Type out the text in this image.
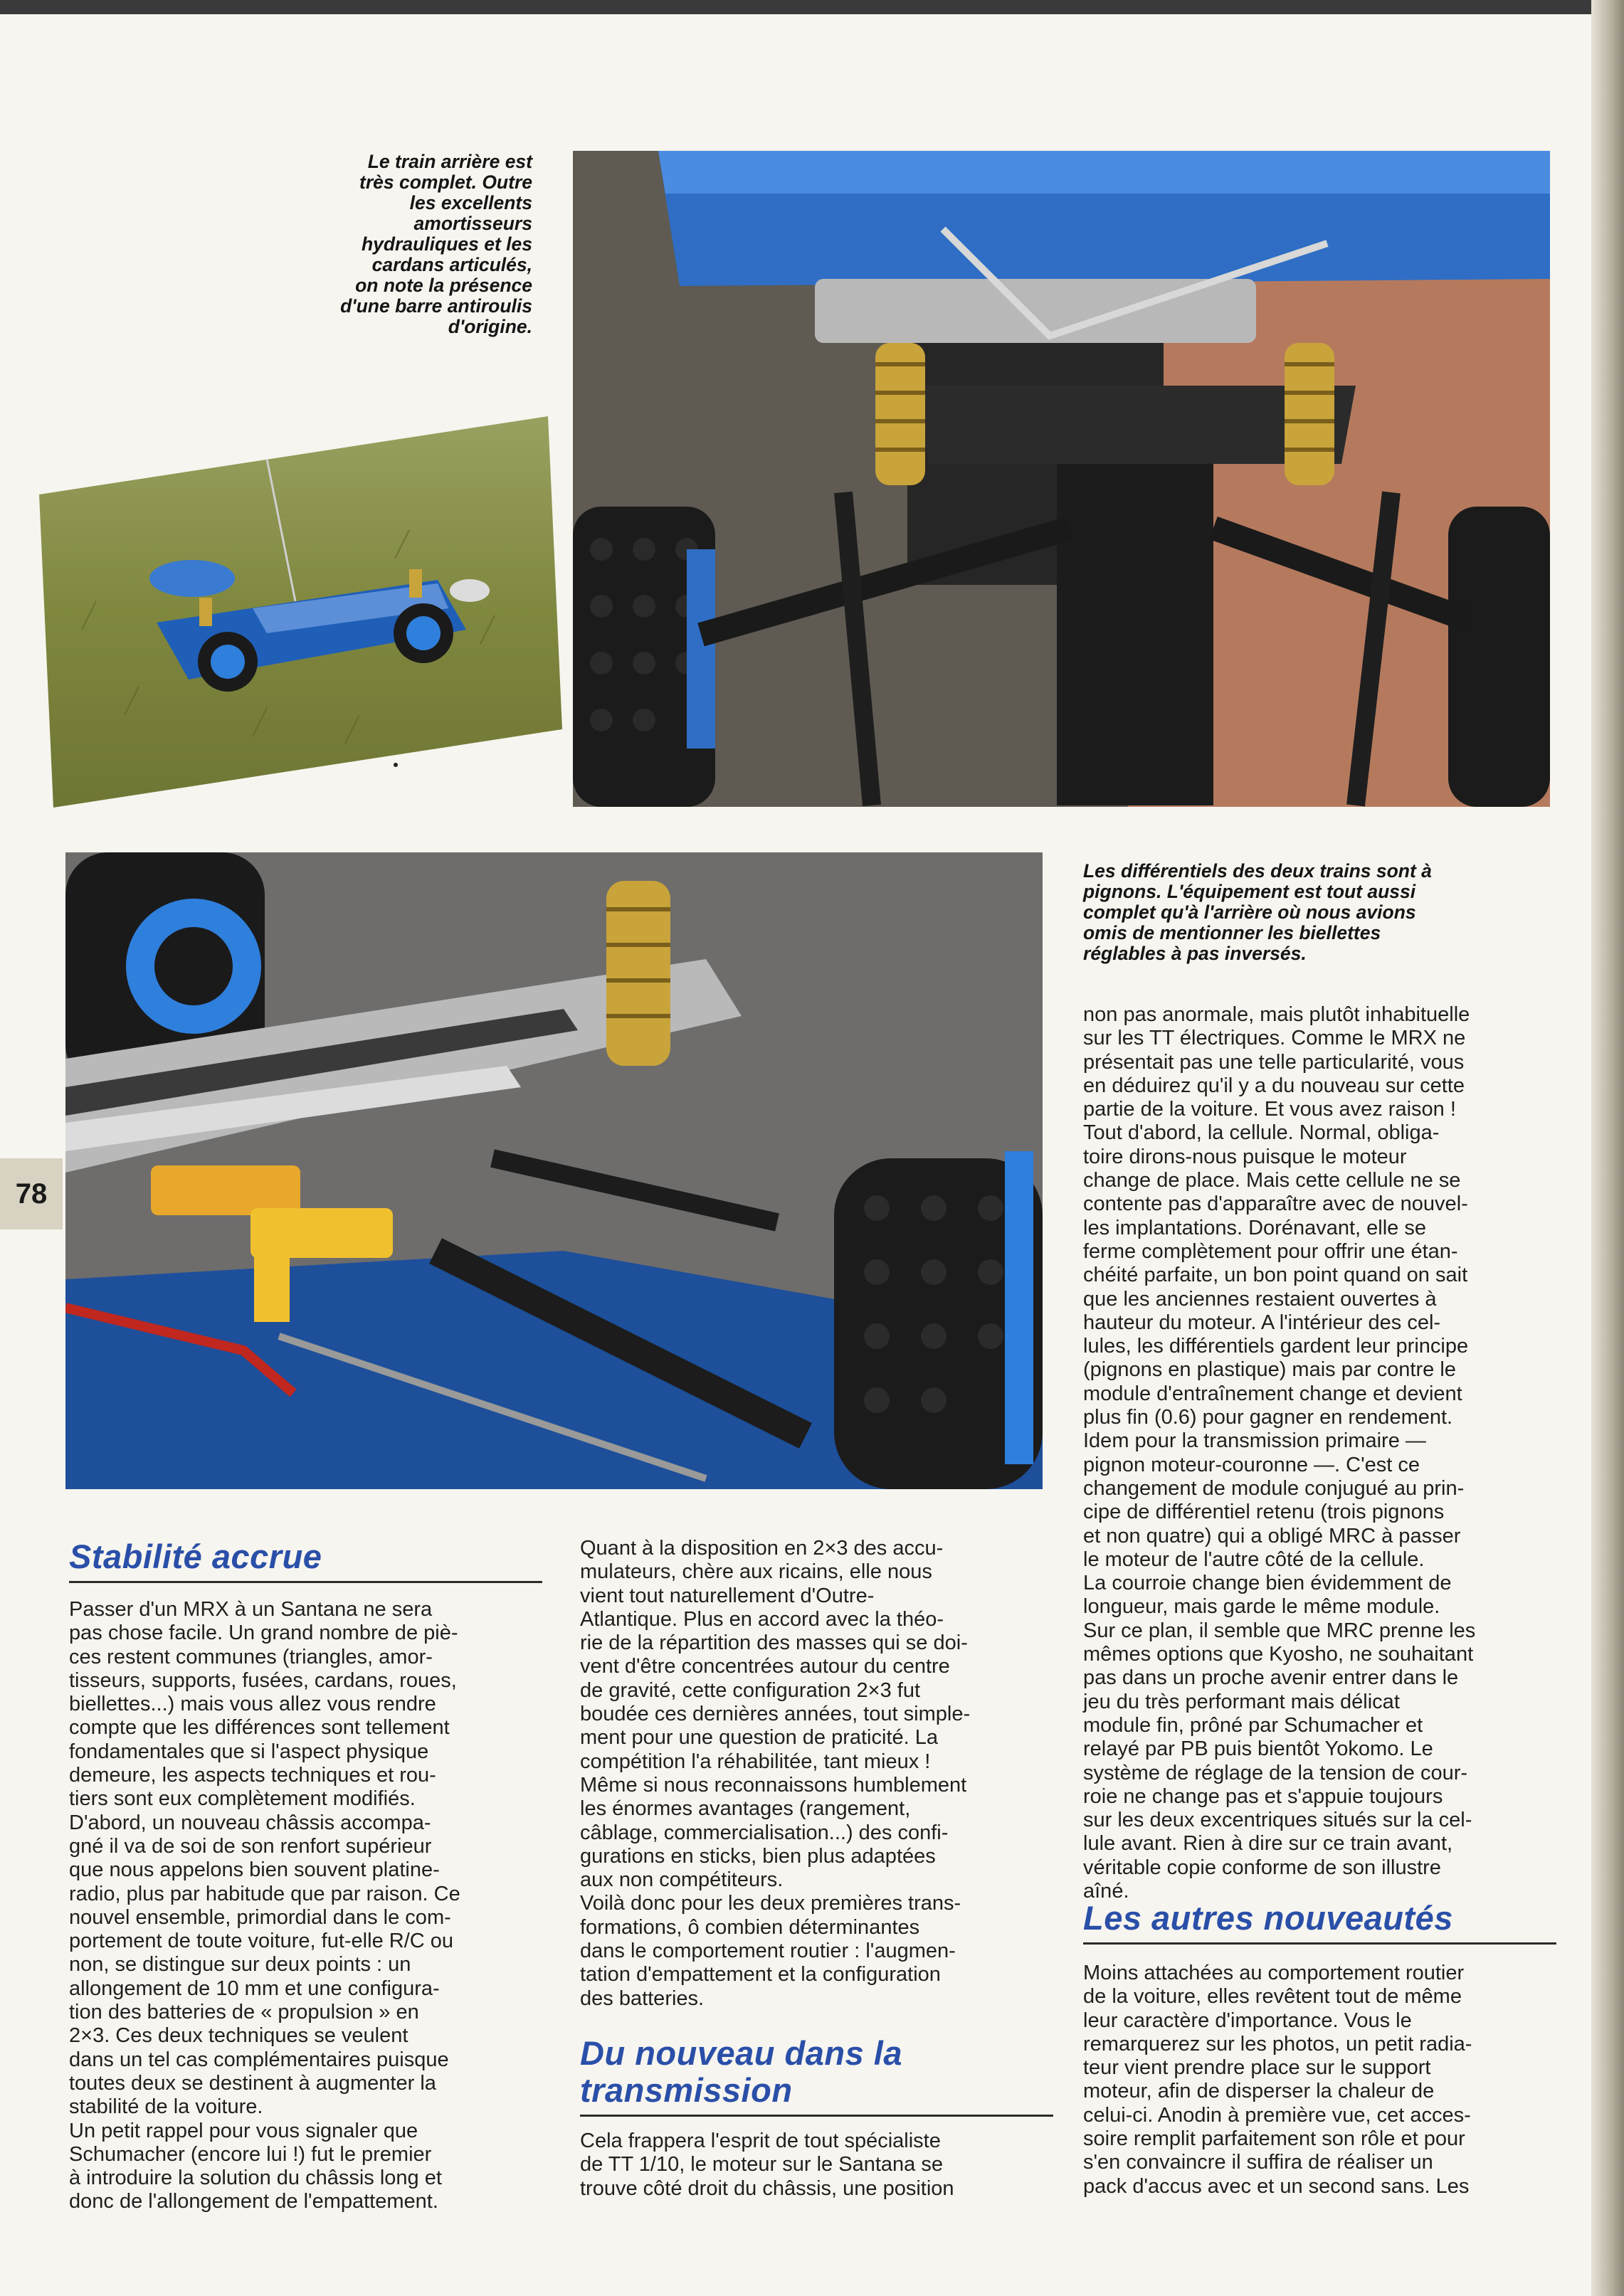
Le train arrière est
très complet. Outre
les excellents
amortisseurs
hydrauliques et les
cardans articulés,
on note la présence
d'une barre antiroulis
d'origine.
Les différentiels des deux trains sont à
pignons. L'équipement est tout aussi
complet qu'à l'arrière où nous avions
omis de mentionner les biellettes
réglables à pas inversés.
78
Stabilité accrue
Passer d'un MRX à un Santana ne sera
pas chose facile. Un grand nombre de piè-
ces restent communes (triangles, amor-
tisseurs, supports, fusées, cardans, roues,
biellettes...) mais vous allez vous rendre
compte que les différences sont tellement
fondamentales que si l'aspect physique
demeure, les aspects techniques et rou-
tiers sont eux complètement modifiés.
D'abord, un nouveau châssis accompa-
gné il va de soi de son renfort supérieur
que nous appelons bien souvent platine-
radio, plus par habitude que par raison. Ce
nouvel ensemble, primordial dans le com-
portement de toute voiture, fut-elle R/C ou
non, se distingue sur deux points : un
allongement de 10 mm et une configura-
tion des batteries de « propulsion » en
2×3. Ces deux techniques se veulent
dans un tel cas complémentaires puisque
toutes deux se destinent à augmenter la
stabilité de la voiture.
Un petit rappel pour vous signaler que
Schumacher (encore lui !) fut le premier
à introduire la solution du châssis long et
donc de l'allongement de l'empattement.
Quant à la disposition en 2×3 des accu-
mulateurs, chère aux ricains, elle nous
vient tout naturellement d'Outre-
Atlantique. Plus en accord avec la théo-
rie de la répartition des masses qui se doi-
vent d'être concentrées autour du centre
de gravité, cette configuration 2×3 fut
boudée ces dernières années, tout simple-
ment pour une question de praticité. La
compétition l'a réhabilitée, tant mieux !
Même si nous reconnaissons humblement
les énormes avantages (rangement,
câblage, commercialisation...) des confi-
gurations en sticks, bien plus adaptées
aux non compétiteurs.
Voilà donc pour les deux premières trans-
formations, ô combien déterminantes
dans le comportement routier : l'augmen-
tation d'empattement et la configuration
des batteries.
Du nouveau dans la
transmission
Cela frappera l'esprit de tout spécialiste
de TT 1/10, le moteur sur le Santana se
trouve côté droit du châssis, une position
non pas anormale, mais plutôt inhabituelle
sur les TT électriques. Comme le MRX ne
présentait pas une telle particularité, vous
en déduirez qu'il y a du nouveau sur cette
partie de la voiture. Et vous avez raison !
Tout d'abord, la cellule. Normal, obliga-
toire dirons-nous puisque le moteur
change de place. Mais cette cellule ne se
contente pas d'apparaître avec de nouvel-
les implantations. Dorénavant, elle se
ferme complètement pour offrir une étan-
chéité parfaite, un bon point quand on sait
que les anciennes restaient ouvertes à
hauteur du moteur. A l'intérieur des cel-
lules, les différentiels gardent leur principe
(pignons en plastique) mais par contre le
module d'entraînement change et devient
plus fin (0.6) pour gagner en rendement.
Idem pour la transmission primaire —
pignon moteur-couronne —. C'est ce
changement de module conjugué au prin-
cipe de différentiel retenu (trois pignons
et non quatre) qui a obligé MRC à passer
le moteur de l'autre côté de la cellule.
La courroie change bien évidemment de
longueur, mais garde le même module.
Sur ce plan, il semble que MRC prenne les
mêmes options que Kyosho, ne souhaitant
pas dans un proche avenir entrer dans le
jeu du très performant mais délicat
module fin, prôné par Schumacher et
relayé par PB puis bientôt Yokomo. Le
système de réglage de la tension de cour-
roie ne change pas et s'appuie toujours
sur les deux excentriques situés sur la cel-
lule avant. Rien à dire sur ce train avant,
véritable copie conforme de son illustre
aîné.
Les autres nouveautés
Moins attachées au comportement routier
de la voiture, elles revêtent tout de même
leur caractère d'importance. Vous le
remarquerez sur les photos, un petit radia-
teur vient prendre place sur le support
moteur, afin de disperser la chaleur de
celui-ci. Anodin à première vue, cet acces-
soire remplit parfaitement son rôle et pour
s'en convaincre il suffira de réaliser un
pack d'accus avec et un second sans. Les
